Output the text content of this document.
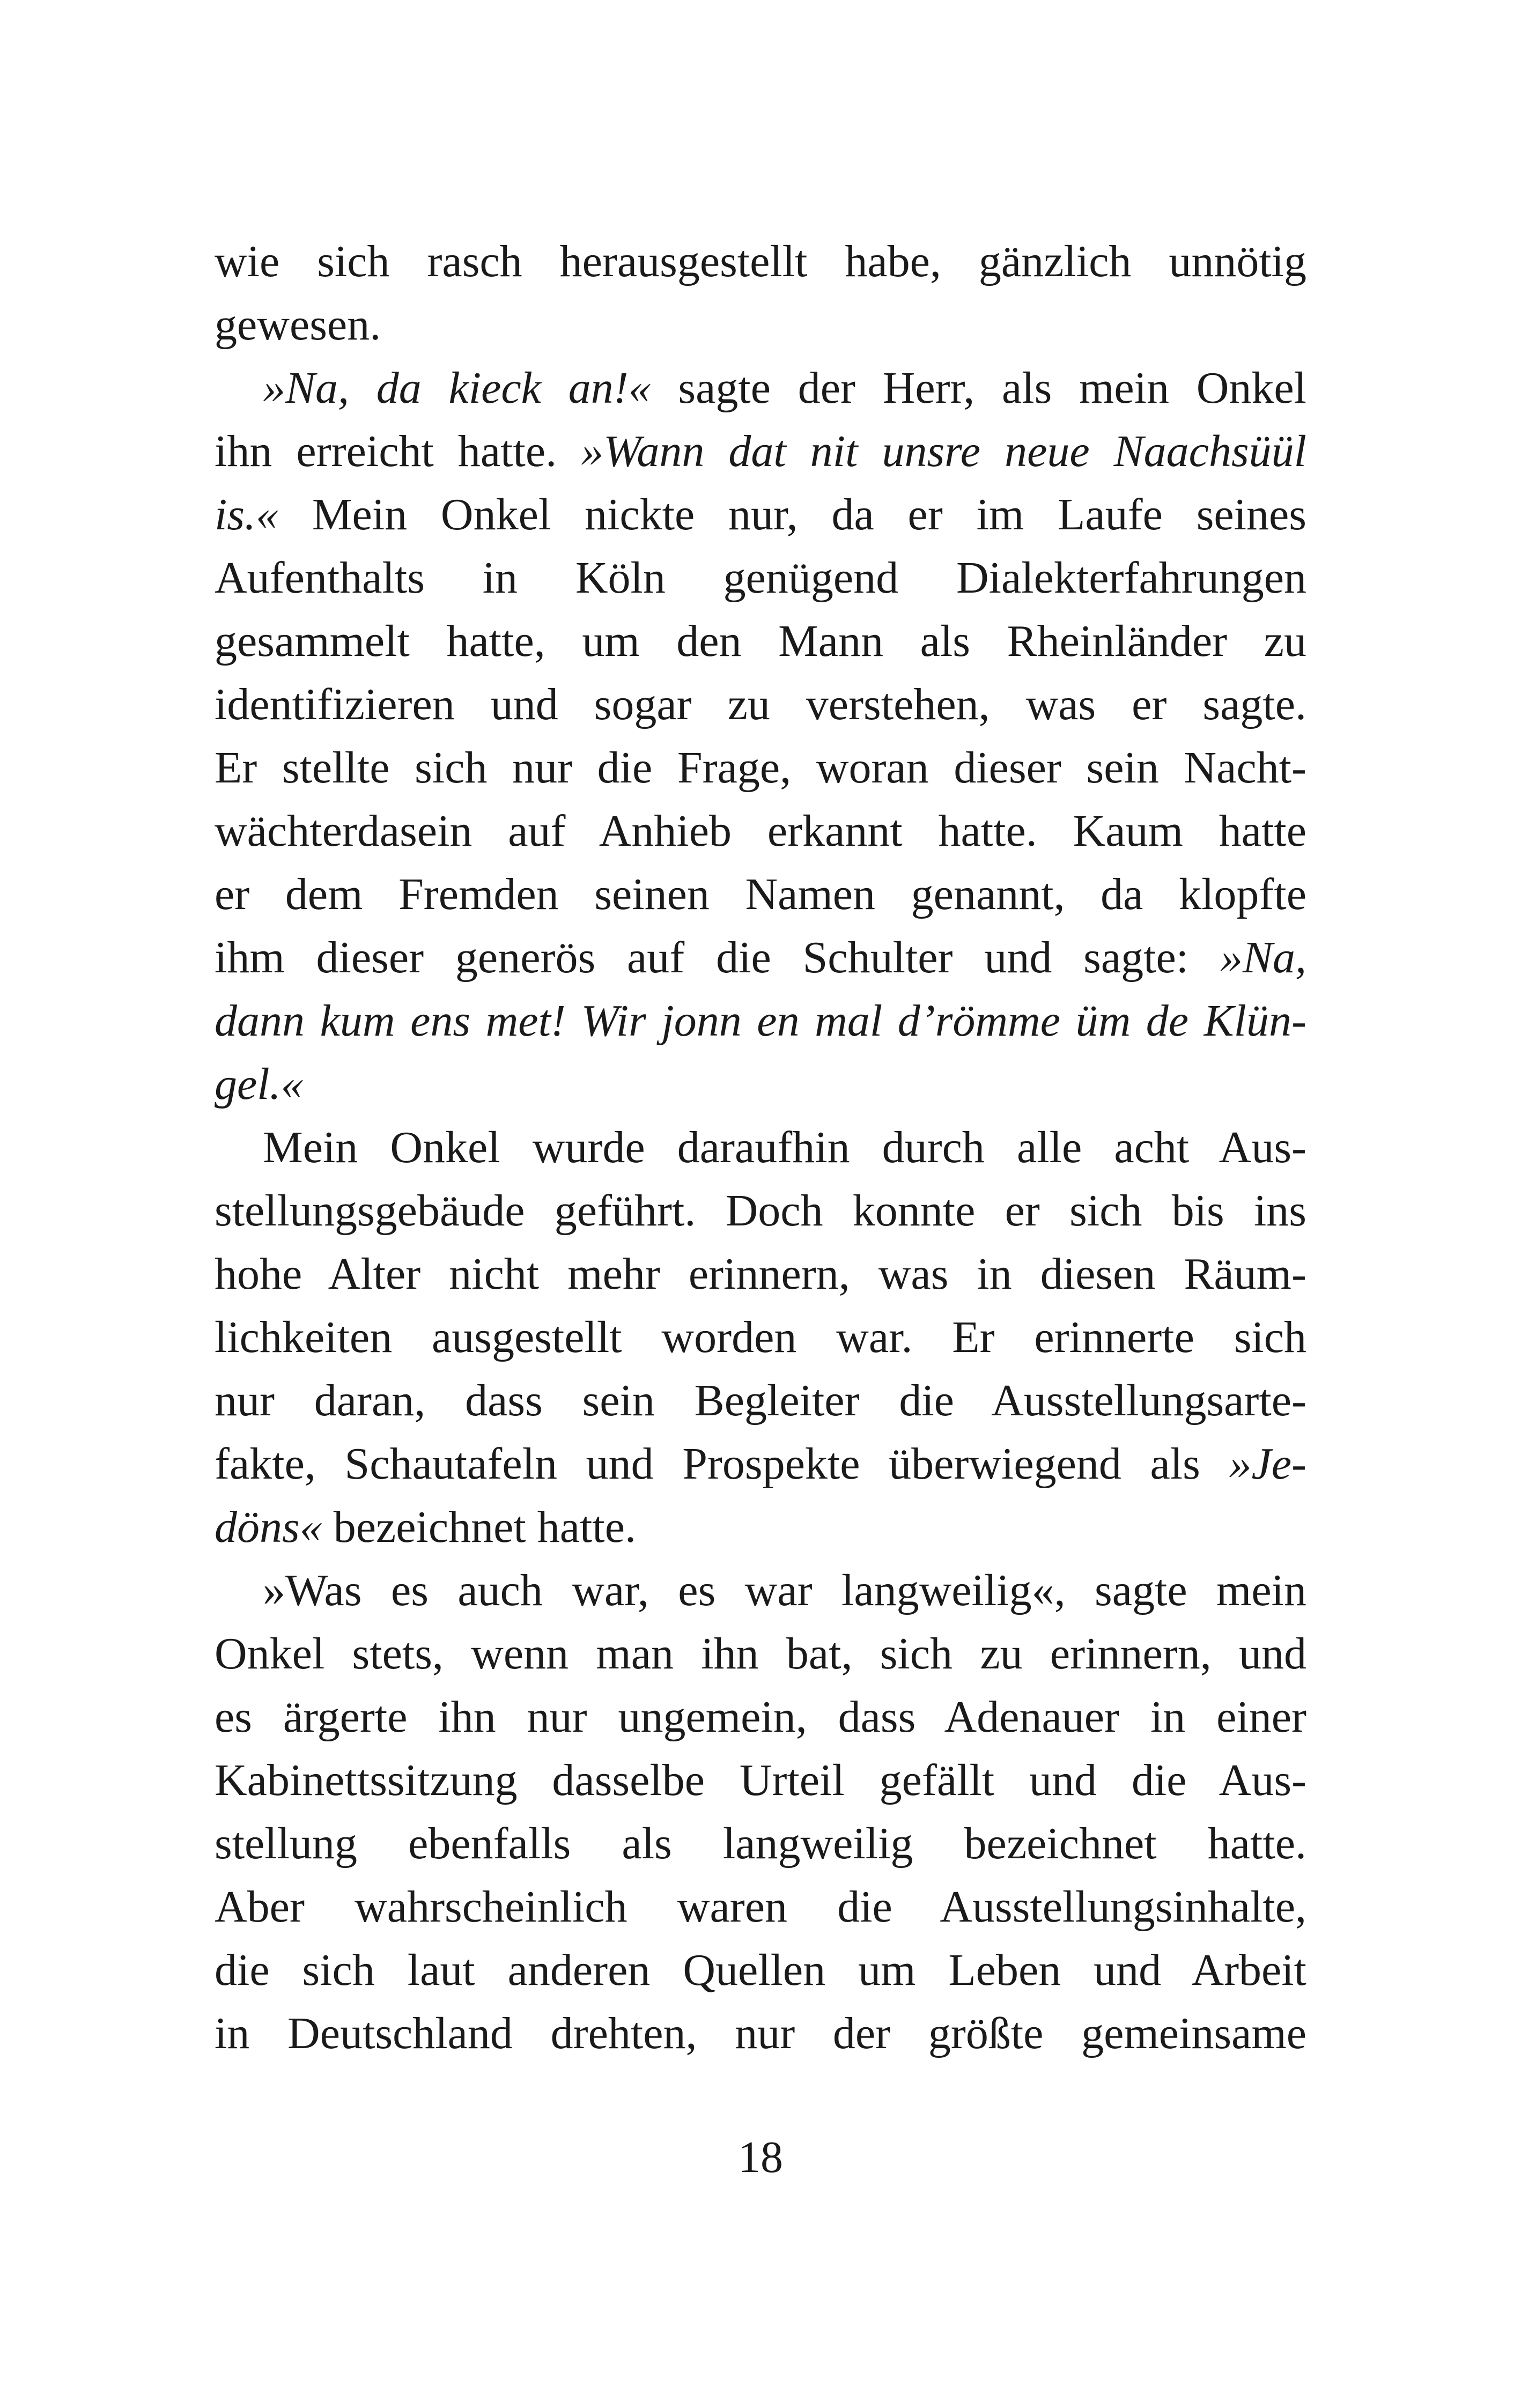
wie sich rasch herausgestellt habe, gänzlich unnötig
gewesen.
»Na, da kieck an!« sagte der Herr, als mein Onkel
ihn erreicht hatte. »Wann dat nit unsre neue Naachsüül
is.« Mein Onkel nickte nur, da er im Laufe seines
Aufenthalts in Köln genügend Dialekterfahrungen
gesammelt hatte, um den Mann als Rheinländer zu
identifizieren und sogar zu verstehen, was er sagte.
Er stellte sich nur die Frage, woran dieser sein Nacht-
wächterdasein auf Anhieb erkannt hatte. Kaum hatte
er dem Fremden seinen Namen genannt, da klopfte
ihm dieser generös auf die Schulter und sagte: »Na,
dann kum ens met! Wir jonn en mal d’römme üm de Klün-
gel.«
Mein Onkel wurde daraufhin durch alle acht Aus-
stellungsgebäude geführt. Doch konnte er sich bis ins
hohe Alter nicht mehr erinnern, was in diesen Räum-
lichkeiten ausgestellt worden war. Er erinnerte sich
nur daran, dass sein Begleiter die Ausstellungsarte-
fakte, Schautafeln und Prospekte überwiegend als »Je-
döns« bezeichnet hatte.
»Was es auch war, es war langweilig«, sagte mein
Onkel stets, wenn man ihn bat, sich zu erinnern, und
es ärgerte ihn nur ungemein, dass Adenauer in einer
Kabinettssitzung dasselbe Urteil gefällt und die Aus-
stellung ebenfalls als langweilig bezeichnet hatte.
Aber wahrscheinlich waren die Ausstellungsinhalte,
die sich laut anderen Quellen um Leben und Arbeit
in Deutschland drehten, nur der größte gemeinsame
18
